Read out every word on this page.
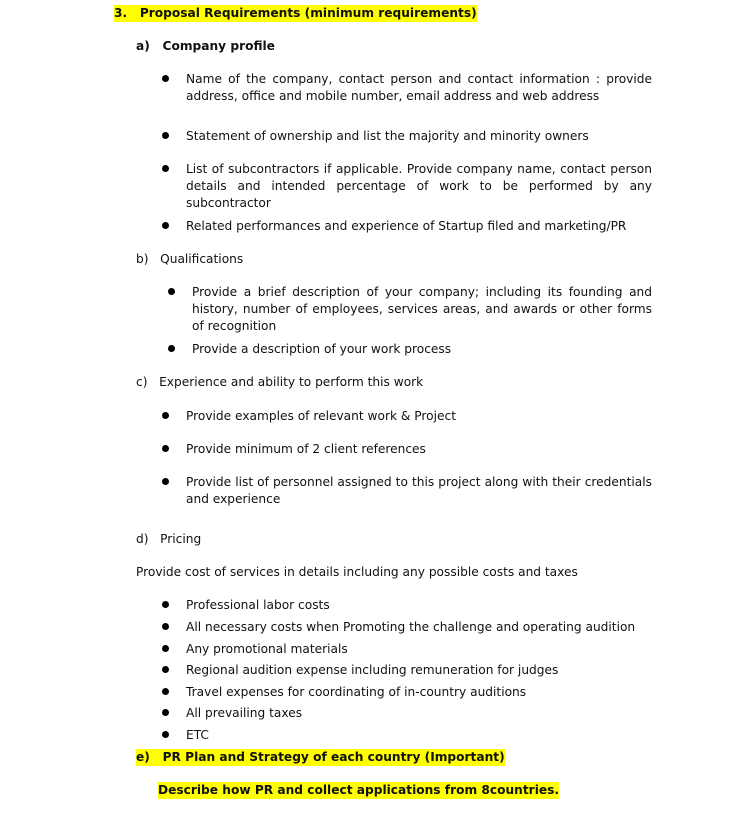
3. Proposal Requirements (minimum requirements)
a) Company profile
Name of the company, contact person and contact information : provide address, office and mobile number, email address and web address
Statement of ownership and list the majority and minority owners
List of subcontractors if applicable. Provide company name, contact person details and intended percentage of work to be performed by any subcontractor
Related performances and experience of Startup filed and marketing/PR
b) Qualifications
Provide a brief description of your company; including its founding and history, number of employees, services areas, and awards or other forms of recognition
Provide a description of your work process
c) Experience and ability to perform this work
Provide examples of relevant work & Project
Provide minimum of 2 client references
Provide list of personnel assigned to this project along with their credentials and experience
d) Pricing
Provide cost of services in details including any possible costs and taxes
Professional labor costs
All necessary costs when Promoting the challenge and operating audition
Any promotional materials
Regional audition expense including remuneration for judges
Travel expenses for coordinating of in-country auditions
All prevailing taxes
ETC
e) PR Plan and Strategy of each country (Important)
Describe how PR and collect applications from 8countries.
